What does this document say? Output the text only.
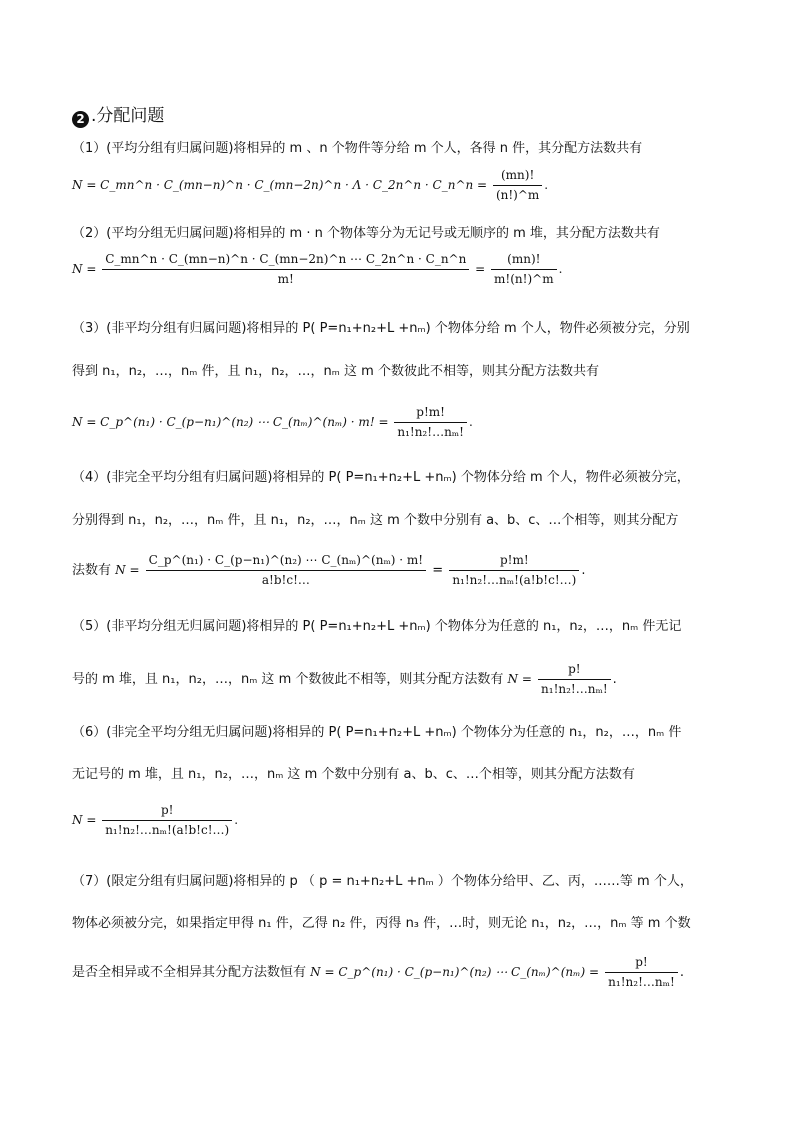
2 .分配问题
（1）(平均分组有归属问题)将相异的 m 、n 个物件等分给 m 个人，各得 n 件，其分配方法数共有
N = C_mn^n · C_(mn−n)^n · C_(mn−2n)^n · Λ · C_2n^n · C_n^n = $\frac{(mn)!}{(n!)\^{}m}$ .
（2）(平均分组无归属问题)将相异的 m · n 个物体等分为无记号或无顺序的 m 堆，其分配方法数共有
$N = \frac{C\_mn\^{}n \cdot C\_(mn-n)\^{}n \cdot C\_(mn-2n)\^{}n \cdots C\_2n\^{}n \cdot C\_n\^{}n}{m!} = \frac{(mn)!}{m!(n!)\^{}m}$ .
（3）(非平均分组有归属问题)将相异的 P( P=n₁+n₂+L +nₘ) 个物体分给 m 个人，物件必须被分完，分别
得到 n₁，n₂，…，nₘ 件，且 n₁，n₂，…，nₘ 这 m 个数彼此不相等，则其分配方法数共有
N = C_p^(n₁) · C_(p−n₁)^(n₂) ⋯ C_(nₘ)^(nₘ) · m! = $\frac{p!m!}{\text{n₁!n₂!…nₘ!}}$ .
（4）(非完全平均分组有归属问题)将相异的 P( P=n₁+n₂+L +nₘ) 个物体分给 m 个人，物件必须被分完，
分别得到 n₁，n₂，…，nₘ 件，且 n₁，n₂，…，nₘ 这 m 个数中分别有 a、b、c、…个相等，则其分配方
法数有 $N = \frac{\text{C\_p\textasciicircum{}(n₁) · C\_(p−n₁)\textasciicircum{}(n₂) ⋯ C\_(nₘ)\textasciicircum{}(nₘ) · m!}}{a!b!c!\dots} = \frac{p!m!}{\text{n₁!n₂!…nₘ!(a!b!c!…)}}$ .
（5）(非平均分组无归属问题)将相异的 P( P=n₁+n₂+L +nₘ) 个物体分为任意的 n₁，n₂，…，nₘ 件无记
号的 m 堆，且 n₁，n₂，…，nₘ 这 m 个数彼此不相等，则其分配方法数有 $N = \frac{p!}{\text{n₁!n₂!…nₘ!}}$ .
（6）(非完全平均分组无归属问题)将相异的 P( P=n₁+n₂+L +nₘ) 个物体分为任意的 n₁，n₂，…，nₘ 件
无记号的 m 堆，且 n₁，n₂，…，nₘ 这 m 个数中分别有 a、b、c、…个相等，则其分配方法数有
$N = \frac{p!}{\text{n₁!n₂!…nₘ!(a!b!c!…)}}$ .
（7）(限定分组有归属问题)将相异的 p （ p = n₁+n₂+L +nₘ ）个物体分给甲、乙、丙，……等 m 个人，
物体必须被分完，如果指定甲得 n₁ 件，乙得 n₂ 件，丙得 n₃ 件，…时，则无论 n₁，n₂，…，nₘ 等 m 个数
是否全相异或不全相异其分配方法数恒有 N = C_p^(n₁) · C_(p−n₁)^(n₂) ⋯ C_(nₘ)^(nₘ) = $\frac{p!}{\text{n₁!n₂!…nₘ!}}$ .
